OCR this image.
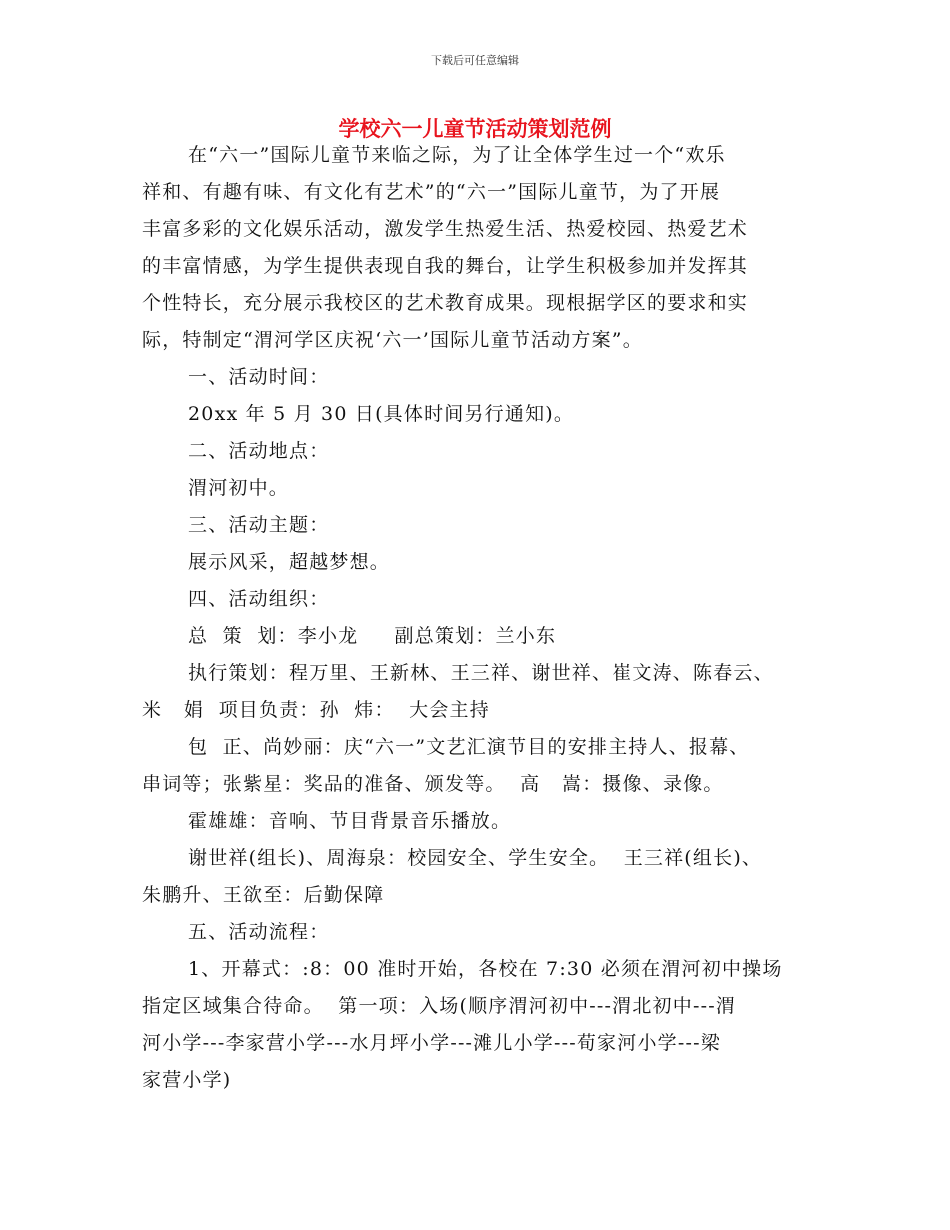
下载后可任意编辑
学校六一儿童节活动策划范例
在“六一”国际儿童节来临之际，为了让全体学生过一个“欢乐
祥和、有趣有味、有文化有艺术”的“六一”国际儿童节，为了开展
丰富多彩的文化娱乐活动，激发学生热爱生活、热爱校园、热爱艺术
的丰富情感，为学生提供表现自我的舞台，让学生积极参加并发挥其
个性特长，充分展示我校区的艺术教育成果。现根据学区的要求和实
际，特制定“渭河学区庆祝‘六一’国际儿童节活动方案”。
一、活动时间：
20xx 年 5 月 30 日(具体时间另行通知)。
二、活动地点：
渭河初中。
三、活动主题：
展示风采，超越梦想。
四、活动组织：
总  策  划：李小龙     副总策划：兰小东
执行策划：程万里、王新林、王三祥、谢世祥、崔文涛、陈春云、
米   娟  项目负责：孙  炜：  大会主持
包  正、尚妙丽：庆“六一”文艺汇演节目的安排主持人、报幕、
串词等；张紫星：奖品的准备、颁发等。  高   嵩：摄像、录像。
霍雄雄：音响、节目背景音乐播放。
谢世祥(组长)、周海泉：校园安全、学生安全。  王三祥(组长)、
朱鹏升、王欲至：后勤保障
五、活动流程：
1、开幕式：:8：00 准时开始，各校在 7:30 必须在渭河初中操场
指定区域集合待命。  第一项：入场(顺序渭河初中---渭北初中---渭
河小学---李家营小学---水月坪小学---滩儿小学---荀家河小学---梁
家营小学)
